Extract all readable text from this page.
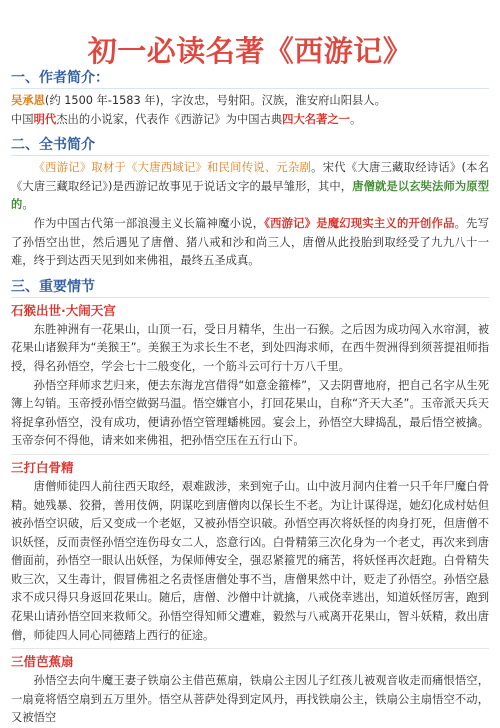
初一必读名著《西游记》
一、作者简介：

吴承恩(约 1500 年-1583 年)，字汝忠，号射阳。汉族，淮安府山阳县人。

中国明代杰出的小说家，代表作《西游记》为中国古典四大名著之一。

二、全书简介

《西游记》取材于《大唐西域记》和民间传说、元杂剧。宋代《大唐三藏取经诗话》(本名《大唐三藏取经记》)是西游记故事见于说话文字的最早雏形，其中，唐僧就是以玄奘法师为原型的。

作为中国古代第一部浪漫主义长篇神魔小说，《西游记》是魔幻现实主义的开创作品。先写了孙悟空出世，然后遇见了唐僧、猪八戒和沙和尚三人，唐僧从此投胎到取经受了九九八十一难，终于到达西天见到如来佛祖，最终五圣成真。

三、重要情节
石猴出世·大闹天宫

东胜神洲有一花果山，山顶一石，受日月精华，生出一石猴。之后因为成功闯入水帘洞，被花果山诸猴拜为“美猴王”。美猴王为求长生不老，到处四海求师，在西牛贺洲得到须菩提祖师指授，得名孙悟空，学会七十二般变化，一个筋斗云可行十万八千里。

孙悟空拜师求艺归来，便去东海龙宫借得“如意金箍棒”，又去阴曹地府，把自己名字从生死簿上勾销。玉帝授孙悟空做弼马温。悟空嫌官小，打回花果山，自称“齐天大圣”。玉帝派天兵天将捉拿孙悟空，没有成功，便请孙悟空管理蟠桃园。宴会上，孙悟空大肆捣乱，最后悟空被擒。玉帝奈何不得他，请来如来佛祖，把孙悟空压在五行山下。

三打白骨精

唐僧师徒四人前往西天取经，艰难跋涉，来到宛子山。山中波月洞内住着一只千年尸魔白骨精。她残暴、狡猾，善用伎俩，阴谋吃到唐僧肉以保长生不老。为让计谋得逞，她幻化成村姑但被孙悟空识破，后又变成一个老妪，又被孙悟空识破。孙悟空再次将妖怪的肉身打死，但唐僧不识妖怪，反而责怪孙悟空连伤母女二人，恣意行凶。白骨精第三次化身为一个老丈，再次来到唐僧面前，孙悟空一眼认出妖怪，为保师傅安全，强忍紧箍咒的痛苦，将妖怪再次赶跑。白骨精失败三次，又生毒计，假冒佛祖之名责怪唐僧处事不当，唐僧果然中计，贬走了孙悟空。孙悟空悬求不成只得只身返回花果山。随后，唐僧、沙僧中计就擒，八戒侥幸逃出，知道妖怪厉害，跑到花果山请孙悟空回来救师父。孙悟空得知师父遭难，毅然与八戒离开花果山，智斗妖精，救出唐僧，师徒四人同心同德踏上西行的征途。

三借芭蕉扇

孙悟空去向牛魔王妻子铁扇公主借芭蕉扇，铁扇公主因儿子红孩儿被观音收走而痛恨悟空，一扇竟将悟空扇到五万里外。悟空从菩萨处得到定风丹，再找铁扇公主，铁扇公主扇悟空不动，又被悟空
